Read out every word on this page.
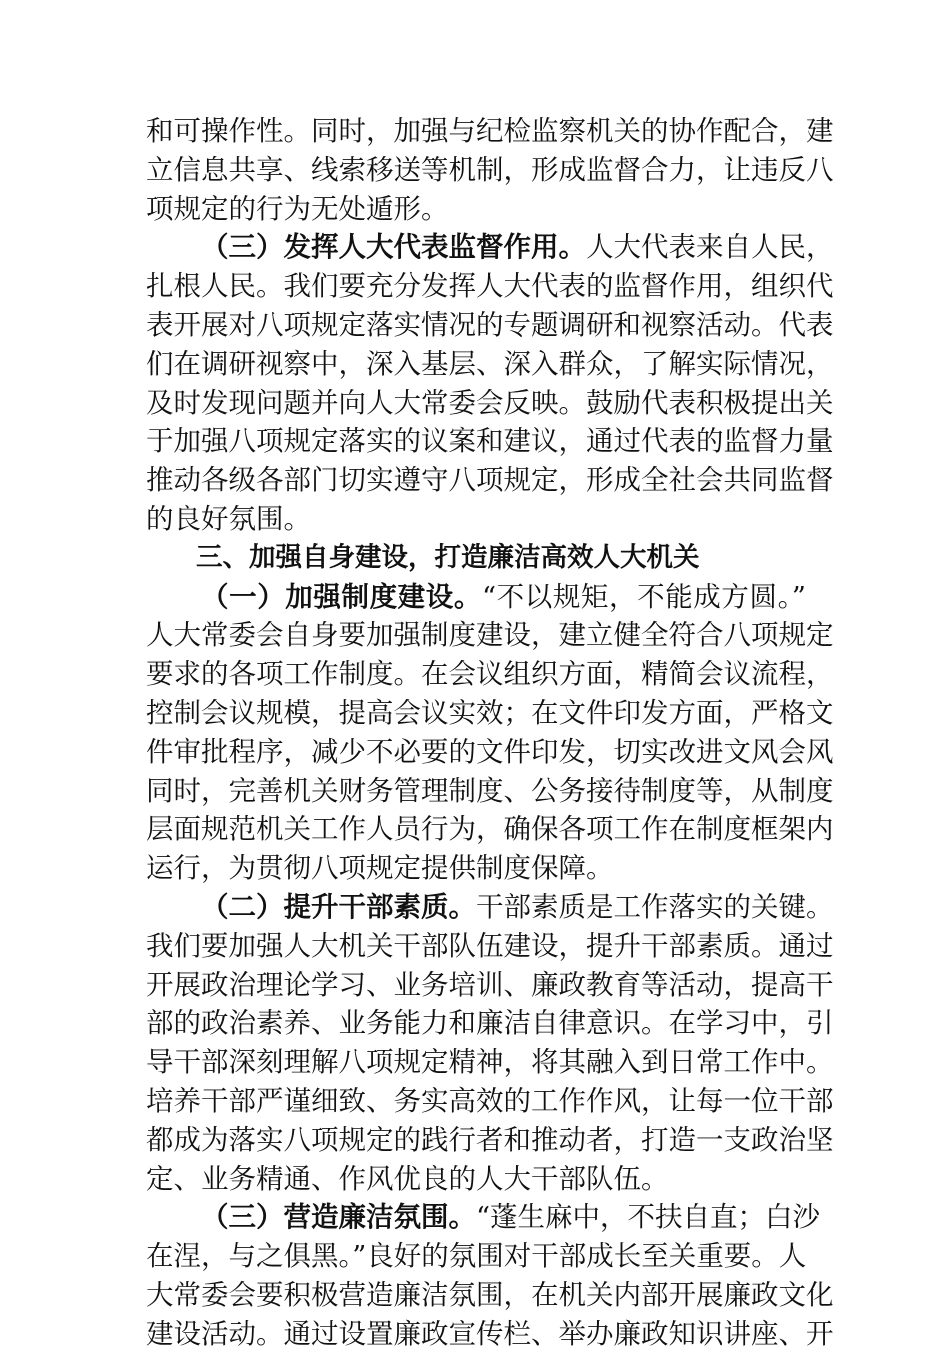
和可操作性。同时，加强与纪检监察机关的协作配合，建
立信息共享、线索移送等机制，形成监督合力，让违反八
项规定的行为无处遁形。
（三）发挥人大代表监督作用。人大代表来自人民，
扎根人民。我们要充分发挥人大代表的监督作用，组织代
表开展对八项规定落实情况的专题调研和视察活动。代表
们在调研视察中，深入基层、深入群众，了解实际情况，
及时发现问题并向人大常委会反映。鼓励代表积极提出关
于加强八项规定落实的议案和建议，通过代表的监督力量
推动各级各部门切实遵守八项规定，形成全社会共同监督
的良好氛围。
三、加强自身建设，打造廉洁高效人大机关
（一）加强制度建设。“不以规矩，不能成方圆。”
人大常委会自身要加强制度建设，建立健全符合八项规定
要求的各项工作制度。在会议组织方面，精简会议流程，
控制会议规模，提高会议实效；在文件印发方面，严格文
件审批程序，减少不必要的文件印发，切实改进文风会风
同时，完善机关财务管理制度、公务接待制度等，从制度
层面规范机关工作人员行为，确保各项工作在制度框架内
运行，为贯彻八项规定提供制度保障。
（二）提升干部素质。干部素质是工作落实的关键。
我们要加强人大机关干部队伍建设，提升干部素质。通过
开展政治理论学习、业务培训、廉政教育等活动，提高干
部的政治素养、业务能力和廉洁自律意识。在学习中，引
导干部深刻理解八项规定精神，将其融入到日常工作中。
培养干部严谨细致、务实高效的工作作风，让每一位干部
都成为落实八项规定的践行者和推动者，打造一支政治坚
定、业务精通、作风优良的人大干部队伍。
（三）营造廉洁氛围。“蓬生麻中，不扶自直；白沙
在涅，与之俱黑。”良好的氛围对干部成长至关重要。人
大常委会要积极营造廉洁氛围，在机关内部开展廉政文化
建设活动。通过设置廉政宣传栏、举办廉政知识讲座、开
